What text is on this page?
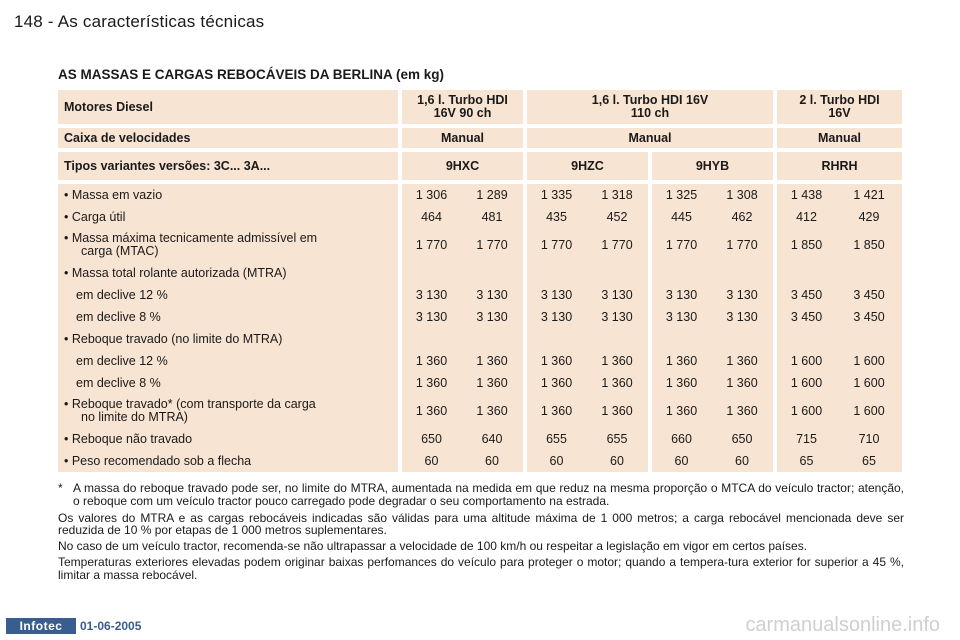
148 - As características técnicas
AS MASSAS E CARGAS REBOCÁVEIS DA BERLINA (em kg)
Motores Diesel	1,6 l. Turbo HDI
16V 90 ch
1,6 l. Turbo HDI 16V
110 ch
2 l. Turbo HDI
16V
Caixa de velocidades	Manual	Manual	Manual
Tipos variantes versões: 3C... 3A...	9HXC	9HZC	9HYB	RHRH
• Massa em vazio	1 306	1 289	1 335	1 318	1 325	1 308	1 438	1 421
• Carga útil	464	481	435	452	445	462	412	429
• Massa máxima tecnicamente admissível em
carga (MTAC)	1 770	1 770	1 770	1 770	1 770	1 770	1 850	1 850
• Massa total rolante autorizada (MTRA)
em declive 12 %	3 130	3 130	3 130	3 130	3 130	3 130	3 450	3 450
em declive 8 %	3 130	3 130	3 130	3 130	3 130	3 130	3 450	3 450
• Reboque travado (no limite do MTRA)
em declive 12 %	1 360	1 360	1 360	1 360	1 360	1 360	1 600	1 600
em declive 8 %	1 360	1 360	1 360	1 360	1 360	1 360	1 600	1 600
• Reboque travado* (com transporte da carga
no limite do MTRA)	1 360	1 360	1 360	1 360	1 360	1 360	1 600	1 600
• Reboque não travado	650	640	655	655	660	650	715	710
• Peso recomendado sob a flecha	60	60	60	60	60	60	65	65
* A massa do reboque travado pode ser, no limite do MTRA, aumentada na medida em que reduz na mesma proporção o MTCA do veículo tractor; atenção, o reboque com um veículo tractor pouco carregado pode degradar o seu comportamento na estrada.
Os valores do MTRA e as cargas rebocáveis indicadas são válidas para uma altitude máxima de 1 000 metros; a carga rebocável mencionada deve ser reduzida de 10 % por etapas de 1 000 metros suplementares.
No caso de um veículo tractor, recomenda-se não ultrapassar a velocidade de 100 km/h ou respeitar a legislação em vigor em certos países.
Temperaturas exteriores elevadas podem originar baixas perfomances do veículo para proteger o motor; quando a tempera-tura exterior for superior a 45 %, limitar a massa rebocável.
Infotec	01-06-2005	carmanualsonline.info
